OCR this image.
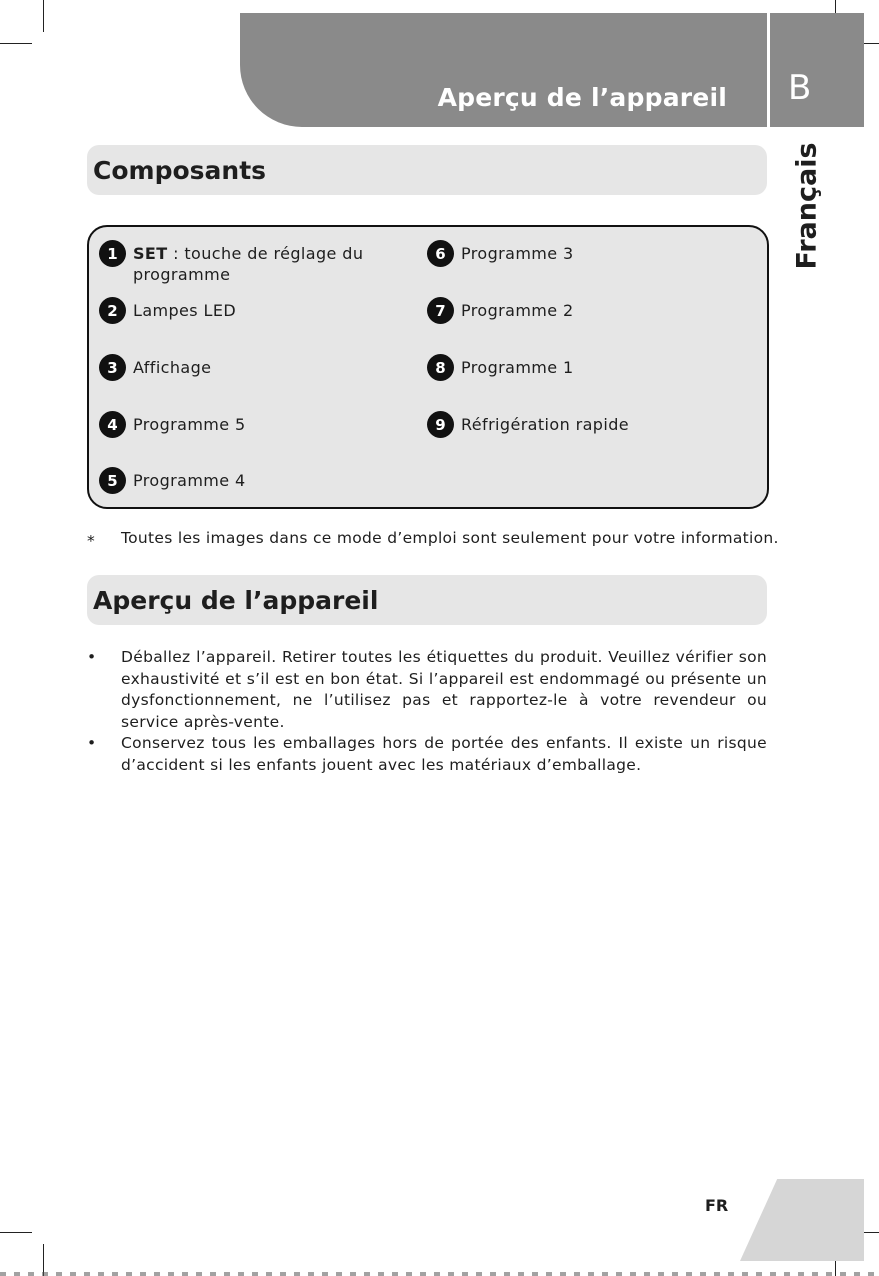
Aperçu de l’appareil B
Français
Composants
1 SET : touche de réglage du
programme
2 Lampes LED
3 Affichage
4 Programme 5
5 Programme 4
6 Programme 3
7 Programme 2
8 Programme 1
9 Réfrigération rapide
* Toutes les images dans ce mode d’emploi sont seulement pour votre information.
Aperçu de l’appareil
• Déballez l’appareil. Retirer toutes les étiquettes du produit. Veuillez vérifier son exhaustivité et s’il est en bon état. Si l’appareil est endommagé ou présente un dysfonctionnement, ne l’utilisez pas et rapportez-le à votre revendeur ou service après-vente.
• Conservez tous les emballages hors de portée des enfants. Il existe un risque d’accident si les enfants jouent avec les matériaux d’emballage.
FR
